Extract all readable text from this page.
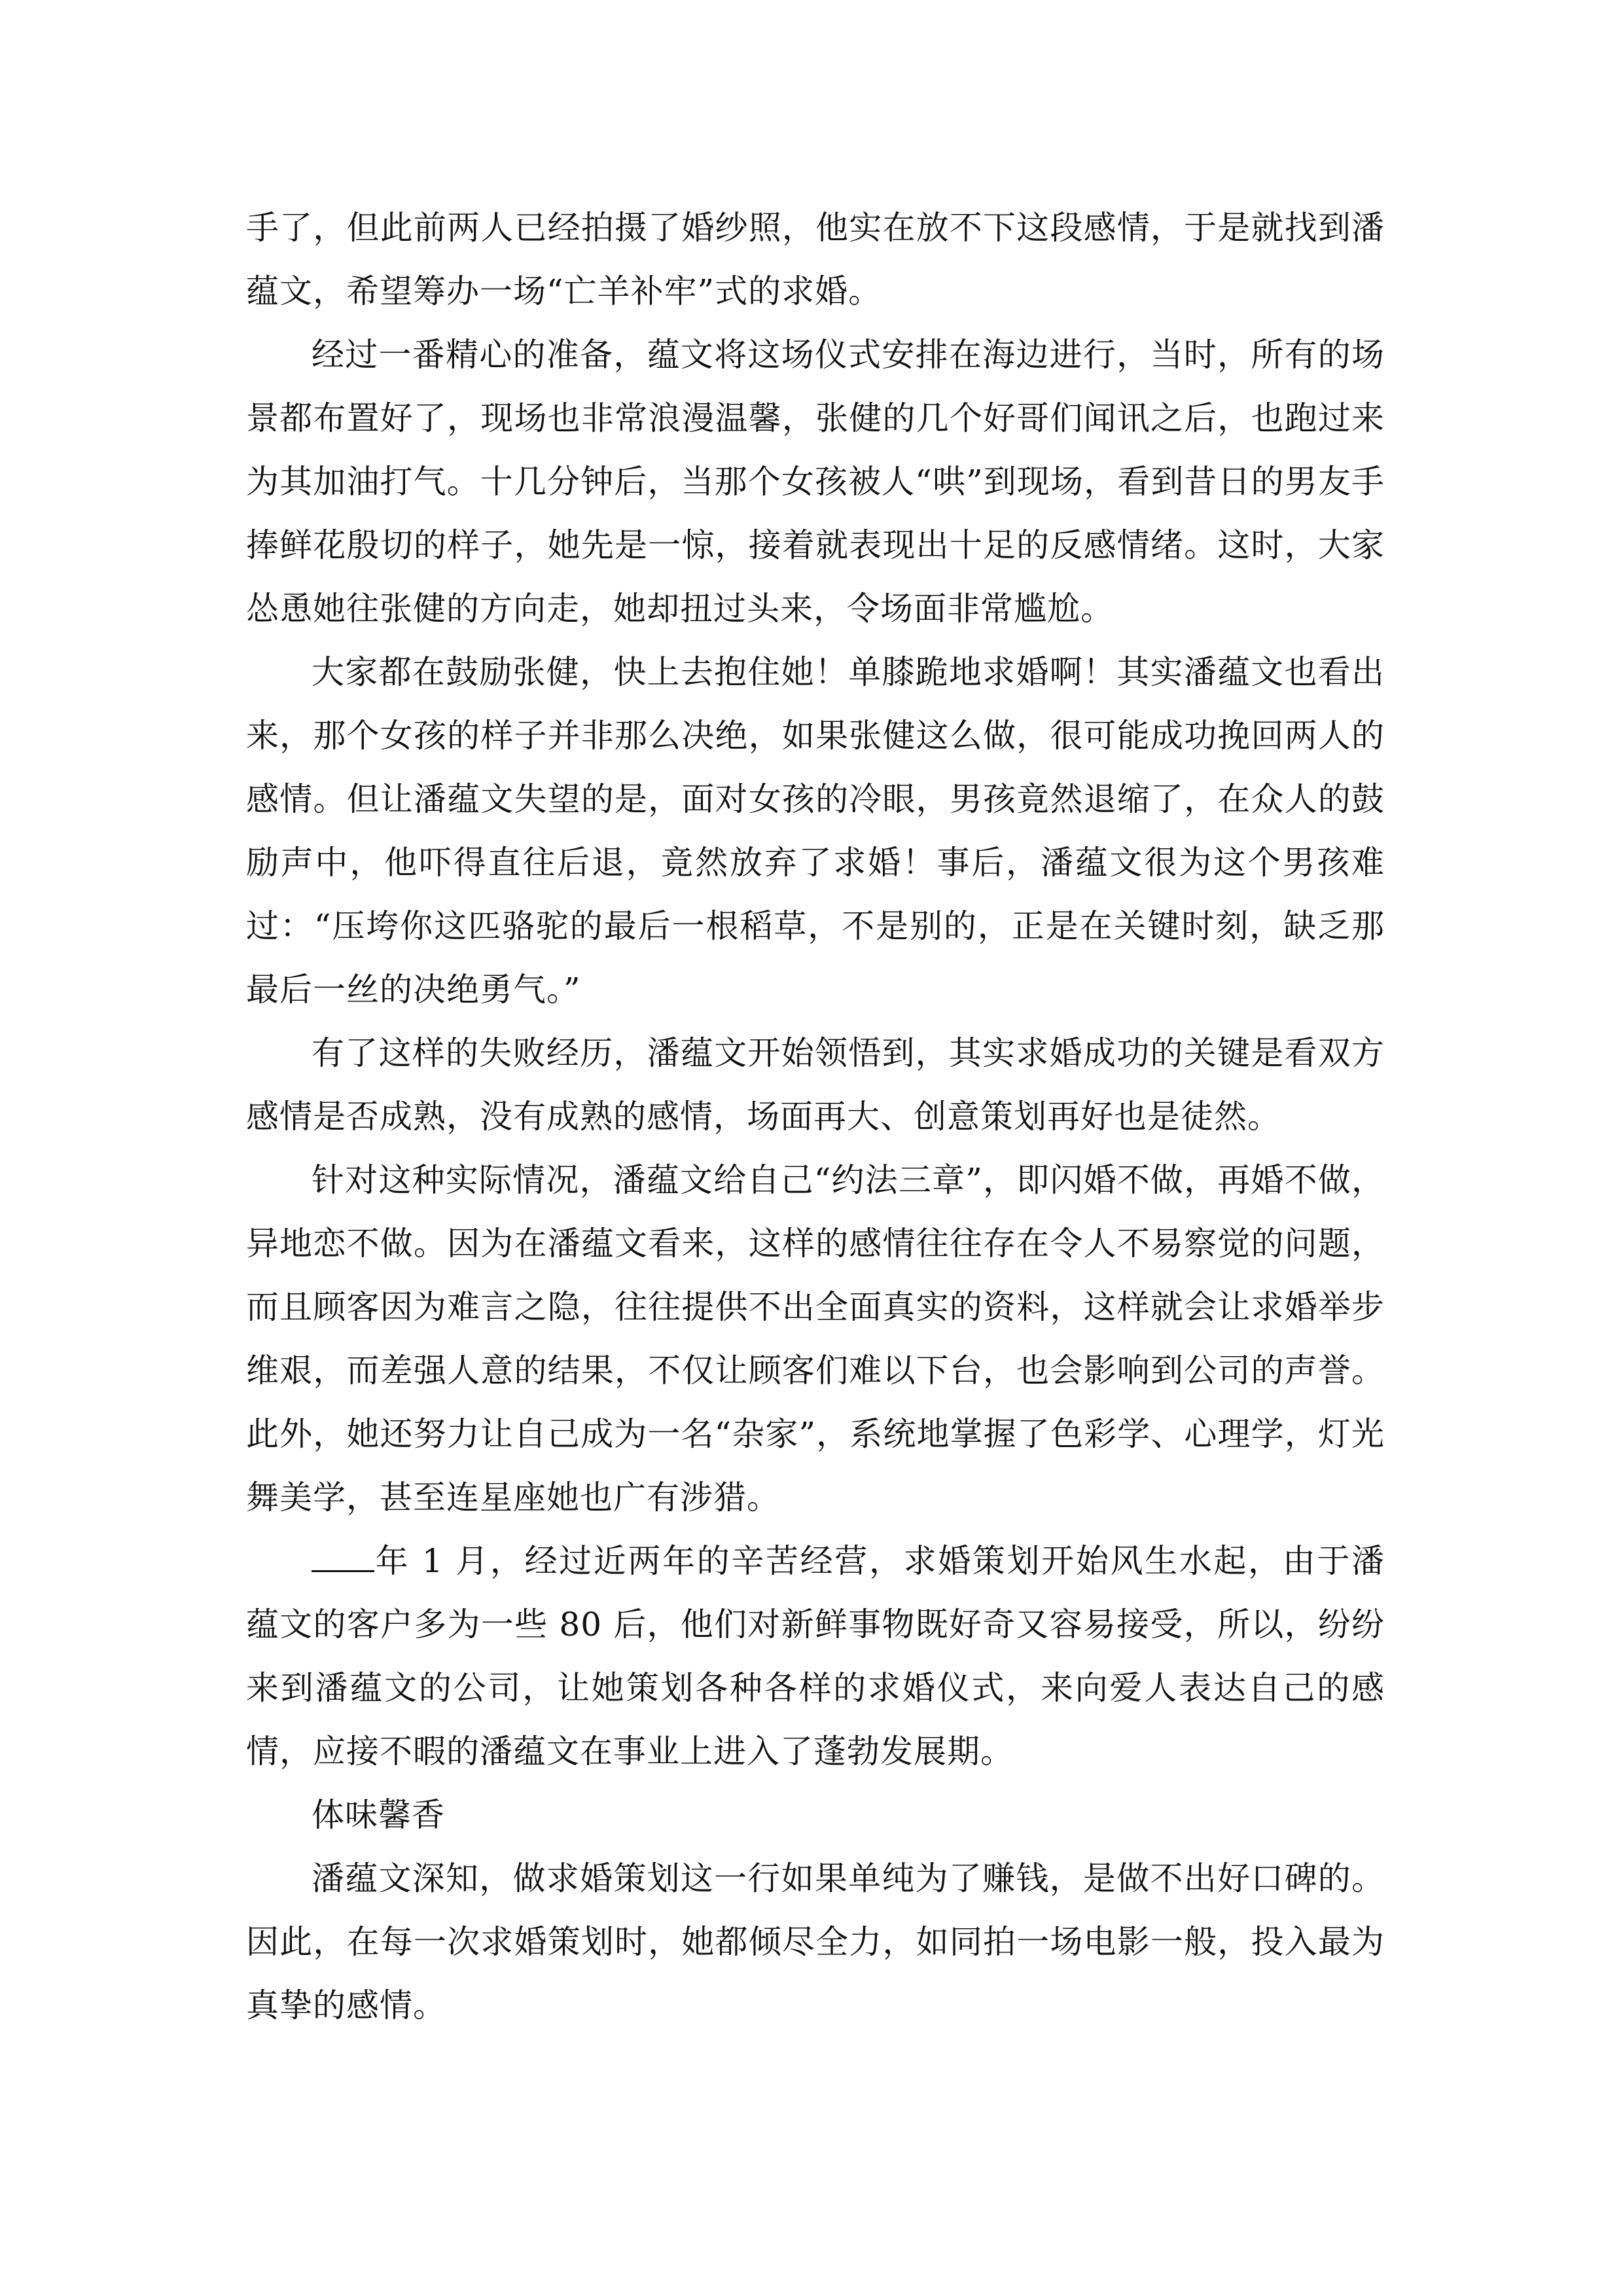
手了，但此前两人已经拍摄了婚纱照，他实在放不下这段感情，于是就找到潘蕴文，希望筹办一场“亡羊补牢”式的求婚。

经过一番精心的准备，蕴文将这场仪式安排在海边进行，当时，所有的场景都布置好了，现场也非常浪漫温馨，张健的几个好哥们闻讯之后，也跑过来为其加油打气。十几分钟后，当那个女孩被人“哄”到现场，看到昔日的男友手捧鲜花殷切的样子，她先是一惊，接着就表现出十足的反感情绪。这时，大家怂恿她往张健的方向走，她却扭过头来，令场面非常尴尬。

大家都在鼓励张健，快上去抱住她！单膝跪地求婚啊！其实潘蕴文也看出来，那个女孩的样子并非那么决绝，如果张健这么做，很可能成功挽回两人的感情。但让潘蕴文失望的是，面对女孩的冷眼，男孩竟然退缩了，在众人的鼓励声中，他吓得直往后退，竟然放弃了求婚！事后，潘蕴文很为这个男孩难过：“压垮你这匹骆驼的最后一根稻草，不是别的，正是在关键时刻，缺乏那最后一丝的决绝勇气。”

有了这样的失败经历，潘蕴文开始领悟到，其实求婚成功的关键是看双方感情是否成熟，没有成熟的感情，场面再大、创意策划再好也是徒然。

针对这种实际情况，潘蕴文给自己“约法三章”，即闪婚不做，再婚不做，异地恋不做。因为在潘蕴文看来，这样的感情往往存在令人不易察觉的问题，而且顾客因为难言之隐，往往提供不出全面真实的资料，这样就会让求婚举步维艰，而差强人意的结果，不仅让顾客们难以下台，也会影响到公司的声誉。此外，她还努力让自己成为一名“杂家”，系统地掌握了色彩学、心理学，灯光舞美学，甚至连星座她也广有涉猎。

年 1 月，经过近两年的辛苦经营，求婚策划开始风生水起，由于潘蕴文的客户多为一些 80 后，他们对新鲜事物既好奇又容易接受，所以，纷纷来到潘蕴文的公司，让她策划各种各样的求婚仪式，来向爱人表达自己的感情，应接不暇的潘蕴文在事业上进入了蓬勃发展期。

体味馨香

潘蕴文深知，做求婚策划这一行如果单纯为了赚钱，是做不出好口碑的。因此，在每一次求婚策划时，她都倾尽全力，如同拍一场电影一般，投入最为真挚的感情。
